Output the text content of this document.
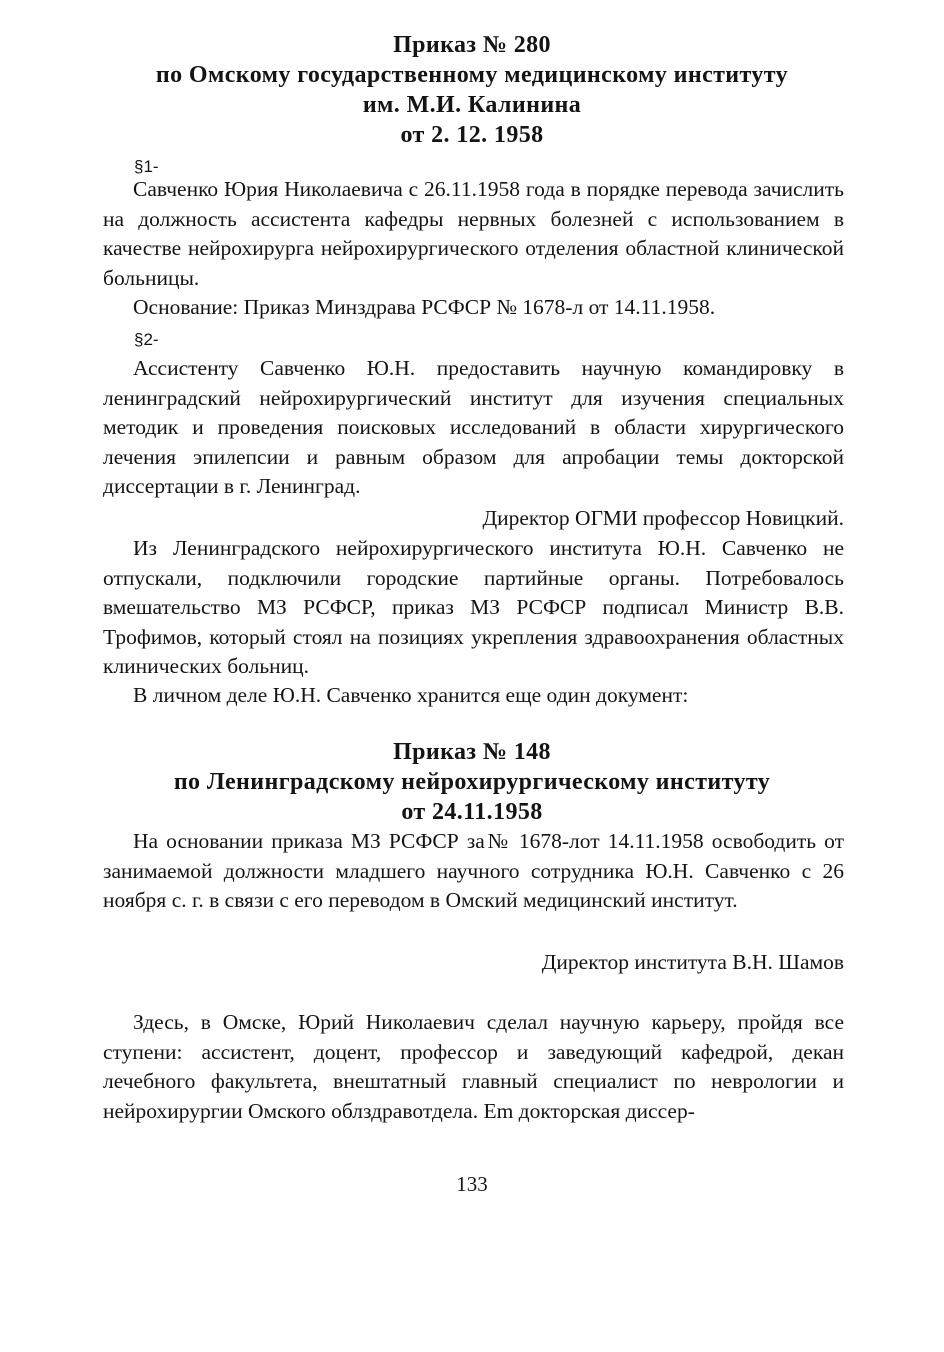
Приказ № 280
по Омскому государственному медицинскому институту
им. М.И. Калинина
от 2. 12. 1958
§1-
Савченко Юрия Николаевича с 26.11.1958 года в порядке перевода зачислить на должность ассистента кафедры нервных болезней с использованием в качестве нейрохирурга нейрохирургического отделения областной клинической больницы.
Основание: Приказ Минздрава РСФСР № 1678-л от 14.11.1958.
§2-
Ассистенту Савченко Ю.Н. предоставить научную командировку в ленинградский нейрохирургический институт для изучения специальных методик и проведения поисковых исследований в области хирургического лечения эпилепсии и равным образом для апробации темы докторской диссертации в г. Ленинград.
Директор ОГМИ профессор Новицкий.
Из Ленинградского нейрохирургического института Ю.Н. Савченко не отпускали, подключили городские партийные органы. Потребовалось вмешательство МЗ РСФСР, приказ МЗ РСФСР подписал Министр В.В. Трофимов, который стоял на позициях укрепления здравоохранения областных клинических больниц.
В личном деле Ю.Н. Савченко хранится еще один документ:
Приказ № 148
по Ленинградскому нейрохирургическому институту
от 24.11.1958
На основании приказа МЗ РСФСР за№ 1678-лот 14.11.1958 освободить от занимаемой должности младшего научного сотрудника Ю.Н. Савченко с 26 ноября с. г. в связи с его переводом в Омский медицинский институт.
Директор института В.Н. Шамов
Здесь, в Омске, Юрий Николаевич сделал научную карьеру, пройдя все ступени: ассистент, доцент, профессор и заведующий кафедрой, декан лечебного факультета, внештатный главный специалист по неврологии и нейрохирургии Омского облздравотдела. Em докторская диссер-
133
